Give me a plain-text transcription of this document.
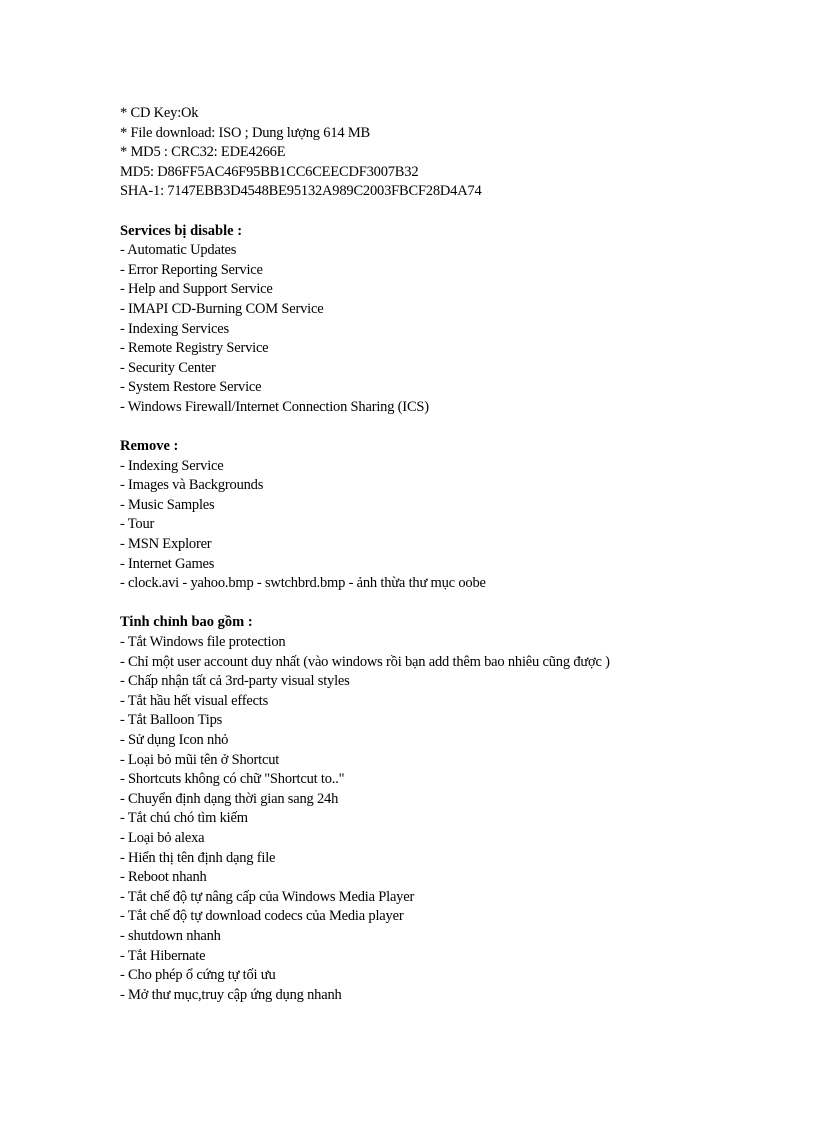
* CD Key:Ok
* File download: ISO ; Dung lượng 614 MB
* MD5 : CRC32: EDE4266E
MD5: D86FF5AC46F95BB1CC6CEECDF3007B32
SHA-1: 7147EBB3D4548BE95132A989C2003FBCF28D4A74
Services bị disable :
- Automatic Updates
- Error Reporting Service
- Help and Support Service
- IMAPI CD-Burning COM Service
- Indexing Services
- Remote Registry Service
- Security Center
- System Restore Service
- Windows Firewall/Internet Connection Sharing (ICS)
Remove :
- Indexing Service
- Images và Backgrounds
- Music Samples
- Tour
- MSN Explorer
- Internet Games
- clock.avi - yahoo.bmp - swtchbrd.bmp - ảnh thừa thư mục oobe
Tinh chỉnh bao gồm :
- Tắt Windows file protection
- Chỉ một user account duy nhất (vào windows rồi bạn add thêm bao nhiêu cũng được )
- Chấp nhận tất cả 3rd-party visual styles
- Tắt hầu hết visual effects
- Tắt Balloon Tips
- Sử dụng Icon nhỏ
- Loại bỏ mũi tên ở Shortcut
- Shortcuts không có chữ "Shortcut to.."
- Chuyển định dạng thời gian sang 24h
- Tắt chú chó tìm kiếm
- Loại bỏ alexa
- Hiển thị tên định dạng file
- Reboot nhanh
- Tắt chế độ tự nâng cấp của Windows Media Player
- Tắt chế độ tự download codecs của Media player
- shutdown nhanh
- Tắt Hibernate
- Cho phép ổ cứng tự tối ưu
- Mở thư mục,truy cập ứng dụng nhanh
